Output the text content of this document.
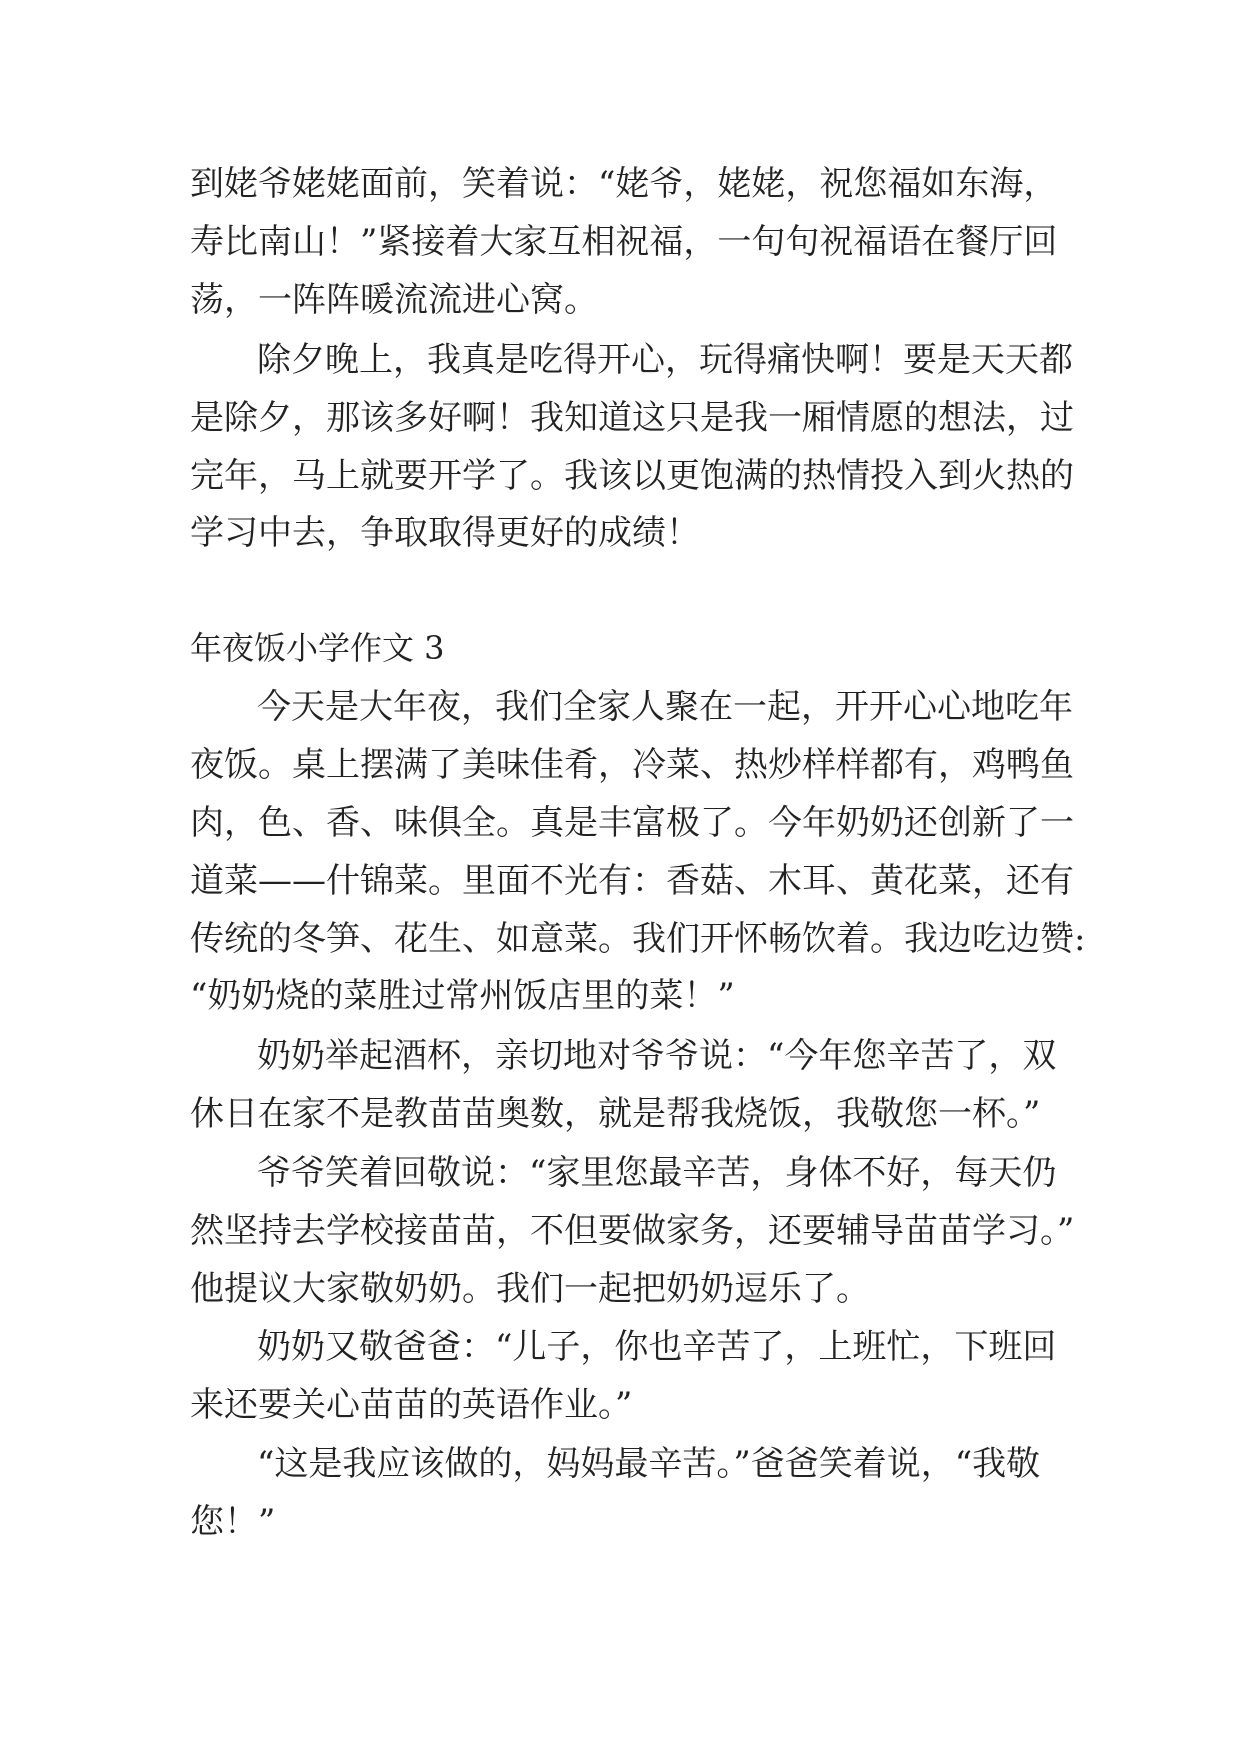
到姥爷姥姥面前，笑着说：“姥爷，姥姥，祝您福如东海，
寿比南山！”紧接着大家互相祝福，一句句祝福语在餐厅回
荡，一阵阵暖流流进心窝。
除夕晚上，我真是吃得开心，玩得痛快啊！要是天天都
是除夕，那该多好啊！我知道这只是我一厢情愿的想法，过
完年，马上就要开学了。我该以更饱满的热情投入到火热的
学习中去，争取取得更好的成绩！
年夜饭小学作文 3
今天是大年夜，我们全家人聚在一起，开开心心地吃年
夜饭。桌上摆满了美味佳肴，冷菜、热炒样样都有，鸡鸭鱼
肉，色、香、味俱全。真是丰富极了。今年奶奶还创新了一
道菜——什锦菜。里面不光有：香菇、木耳、黄花菜，还有
传统的冬笋、花生、如意菜。我们开怀畅饮着。我边吃边赞:
“奶奶烧的菜胜过常州饭店里的菜！”
奶奶举起酒杯，亲切地对爷爷说：“今年您辛苦了，双
休日在家不是教苗苗奥数，就是帮我烧饭，我敬您一杯。”
爷爷笑着回敬说：“家里您最辛苦，身体不好，每天仍
然坚持去学校接苗苗，不但要做家务，还要辅导苗苗学习。”
他提议大家敬奶奶。我们一起把奶奶逗乐了。
奶奶又敬爸爸：“儿子，你也辛苦了，上班忙，下班回
来还要关心苗苗的英语作业。”
“这是我应该做的，妈妈最辛苦。”爸爸笑着说，“我敬
您！”
